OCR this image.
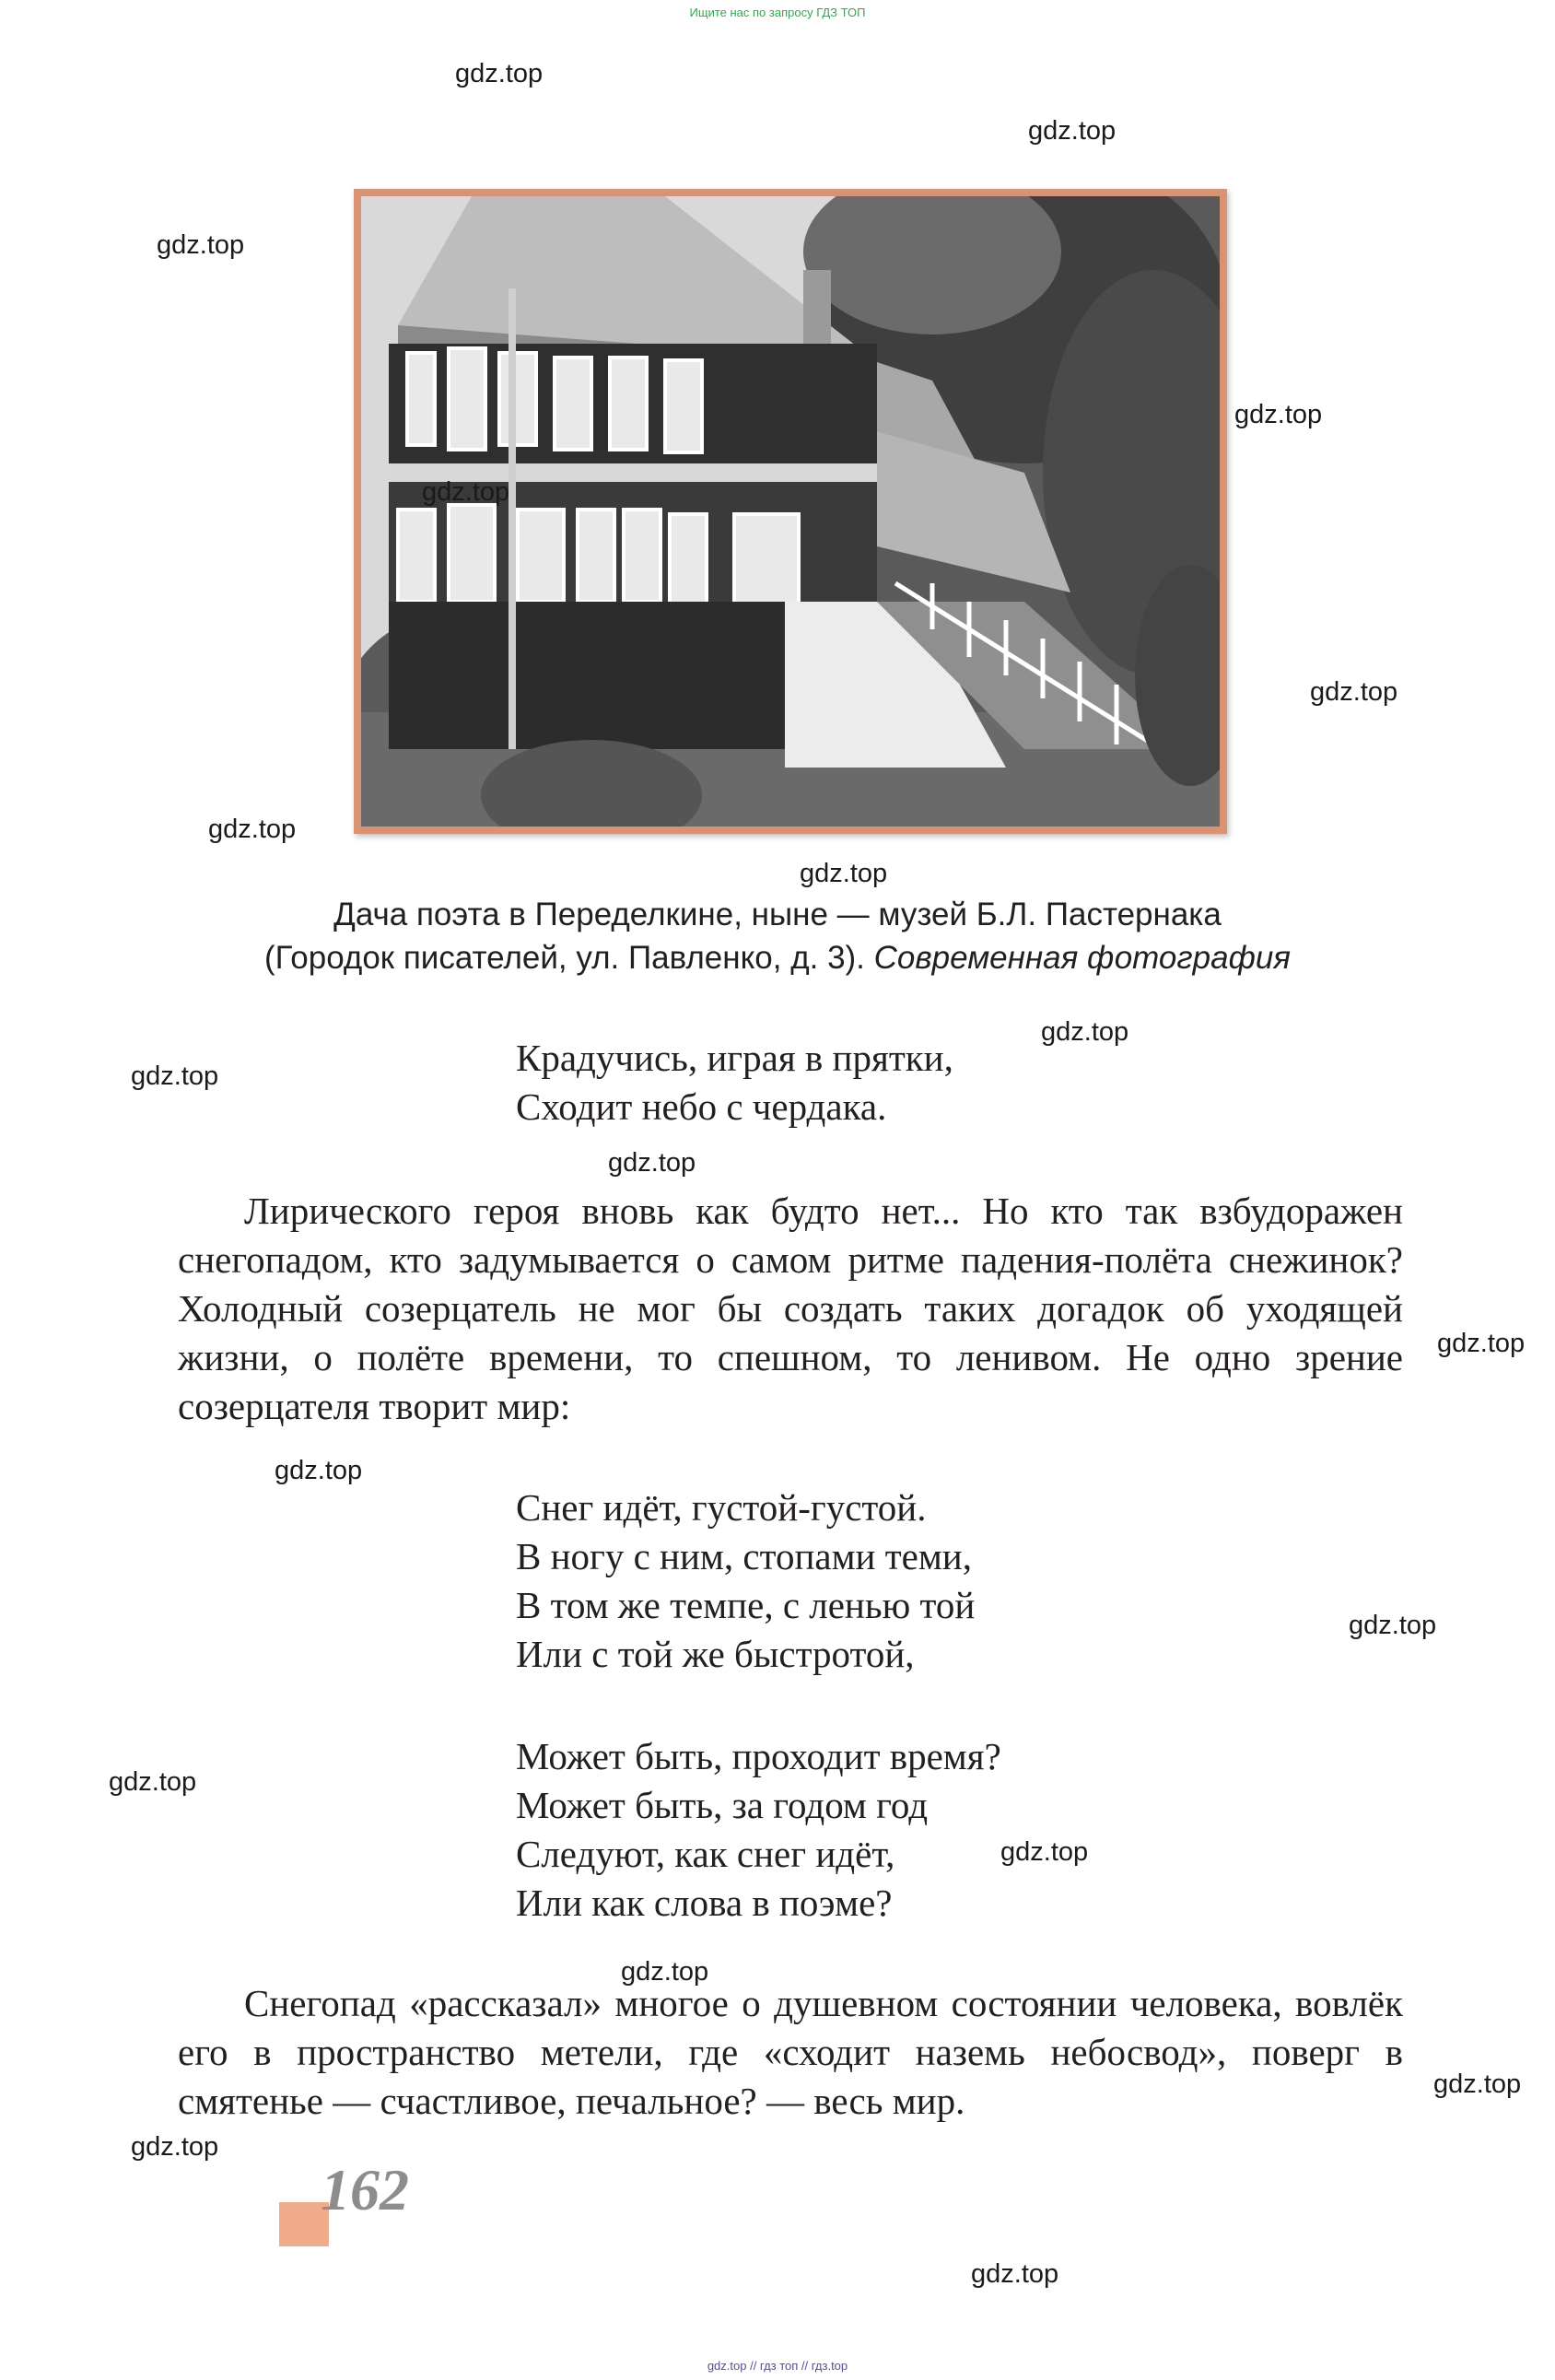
Ищите нас по запросу ГДЗ ТОП
Дача поэта в Переделкине, ныне — музей Б.Л. Пастернака
(Городок писателей, ул. Павленко, д. 3). Современная фотография
Крадучись, играя в прятки,
Сходит небо с чердака.

Лирического героя вновь как будто нет... Но кто так взбудоражен снегопадом, кто задумывается о самом ритме падения-полёта снежинок? Холодный созерцатель не мог бы создать таких догадок об уходящей жизни, о полёте времени, то спешном, то ленивом. Не одно зрение созерцателя творит мир:

Снег идёт, густой-густой.
В ногу с ним, стопами теми,
В том же темпе, с ленью той
Или с той же быстротой,
Может быть, проходит время?
Может быть, за годом год
Следуют, как снег идёт,
Или как слова в поэме?

Снегопад «рассказал» многое о душевном состоянии человека, вовлёк его в пространство метели, где «сходит наземь небосвод», поверг в смятенье — счастливое, печальное? — весь мир.

162
gdz.top
gdz.top
gdz.top
gdz.top
gdz.top
gdz.top
gdz.top
gdz.top
gdz.top
gdz.top
gdz.top
gdz.top
gdz.top
gdz.top
gdz.top
gdz.top
gdz.top
gdz.top
gdz.top
gdz.top
gdz.top // гдз топ // гдз.top
